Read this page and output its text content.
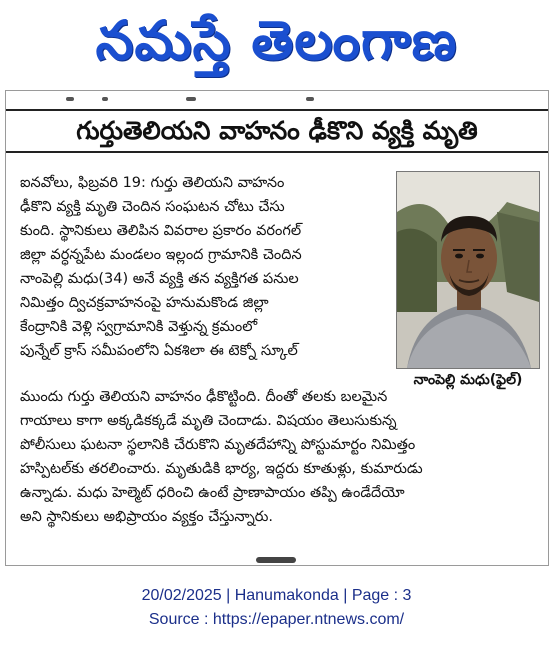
నమస్తే తెలంగాణ
గుర్తుతెలియని వాహనం ఢీకొని వ్యక్తి మృతి
నాంపెల్లి మధు(ఫైల్)
ఐనవోలు, ఫిబ్రవరి 19: గుర్తు తెలియని వాహనం
ఢీకొని వ్యక్తి మృతి చెందిన సంఘటన చోటు చేసు
కుంది. స్థానికులు తెలిపిన వివరాల ప్రకారం వరంగల్
జిల్లా వర్ధన్నపేట మండలం ఇల్లంద గ్రామానికి చెందిన
నాంపెల్లి మధు(34) అనే వ్యక్తి తన వ్యక్తిగత పనుల
నిమిత్తం ద్విచక్రవాహనంపై హనుమకొండ జిల్లా
కేంద్రానికి వెళ్లి స్వగ్రామానికి వెళ్తున్న క్రమంలో
పున్నేల్ క్రాస్ సమీపంలోని ఏకశిలా ఈ టెక్నో స్కూల్
ముందు గుర్తు తెలియని వాహనం ఢీకొట్టింది. దీంతో తలకు బలమైన
గాయాలు కాగా అక్కడికక్కడే మృతి చెందాడు. విషయం తెలుసుకున్న
పోలీసులు ఘటనా స్థలానికి చేరుకొని మృతదేహాన్ని పోస్టుమార్టం నిమిత్తం
హస్పిటల్‌కు తరలించారు. మృతుడికి భార్య, ఇద్దరు కూతుళ్లు, కుమారుడు
ఉన్నాడు. మధు హెల్మెట్ ధరించి ఉంటే ప్రాణాపాయం తప్పి ఉండేదేయో
అని స్థానికులు అభిప్రాయం వ్యక్తం చేస్తున్నారు.
20/02/2025 | Hanumakonda | Page : 3
Source : https://epaper.ntnews.com/
